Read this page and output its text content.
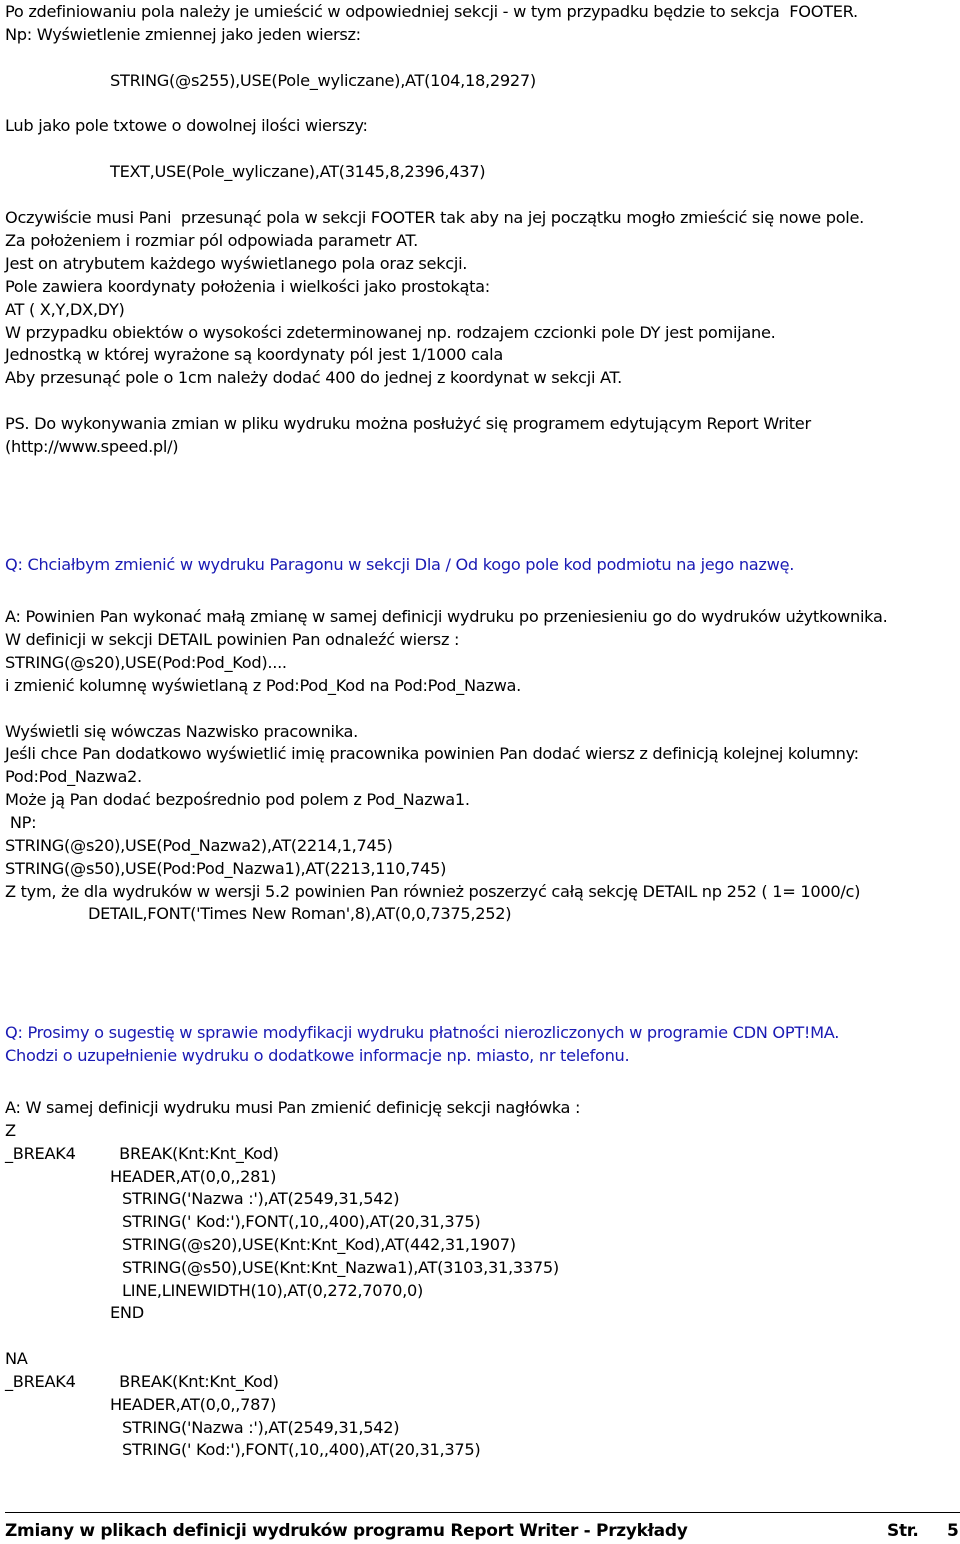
Po zdefiniowaniu pola należy je umieścić w odpowiedniej sekcji - w tym przypadku będzie to sekcja  FOOTER.
Np: Wyświetlenie zmiennej jako jeden wiersz:
STRING(@s255),USE(Pole_wyliczane),AT(104,18,2927)
Lub jako pole txtowe o dowolnej ilości wierszy:
TEXT,USE(Pole_wyliczane),AT(3145,8,2396,437)
Oczywiście musi Pani  przesunąć pola w sekcji FOOTER tak aby na jej początku mogło zmieścić się nowe pole.
Za położeniem i rozmiar pól odpowiada parametr AT.
Jest on atrybutem każdego wyświetlanego pola oraz sekcji.
Pole zawiera koordynaty położenia i wielkości jako prostokąta:
AT ( X,Y,DX,DY)
W przypadku obiektów o wysokości zdeterminowanej np. rodzajem czcionki pole DY jest pomijane.
Jednostką w której wyrażone są koordynaty pól jest 1/1000 cala
Aby przesunąć pole o 1cm należy dodać 400 do jednej z koordynat w sekcji AT.
PS. Do wykonywania zmian w pliku wydruku można posłużyć się programem edytującym Report Writer
(http://www.speed.pl/)
Q: Chciałbym zmienić w wydruku Paragonu w sekcji Dla / Od kogo pole kod podmiotu na jego nazwę.
A: Powinien Pan wykonać małą zmianę w samej definicji wydruku po przeniesieniu go do wydruków użytkownika.
W definicji w sekcji DETAIL powinien Pan odnaleźć wiersz :
STRING(@s20),USE(Pod:Pod_Kod)....
i zmienić kolumnę wyświetlaną z Pod:Pod_Kod na Pod:Pod_Nazwa.
Wyświetli się wówczas Nazwisko pracownika.
Jeśli chce Pan dodatkowo wyświetlić imię pracownika powinien Pan dodać wiersz z definicją kolejnej kolumny:
Pod:Pod_Nazwa2.
Może ją Pan dodać bezpośrednio pod polem z Pod_Nazwa1.
NP:
STRING(@s20),USE(Pod_Nazwa2),AT(2214,1,745)
STRING(@s50),USE(Pod:Pod_Nazwa1),AT(2213,110,745)
Z tym, że dla wydruków w wersji 5.2 powinien Pan również poszerzyć całą sekcję DETAIL np 252 ( 1= 1000/c)
DETAIL,FONT('Times New Roman',8),AT(0,0,7375,252)
Q: Prosimy o sugestię w sprawie modyfikacji wydruku płatności nierozliczonych w programie CDN OPT!MA.
Chodzi o uzupełnienie wydruku o dodatkowe informacje np. miasto, nr telefonu.
A: W samej definicji wydruku musi Pan zmienić definicję sekcji nagłówka :
Z
_BREAK4         BREAK(Knt:Knt_Kod)
HEADER,AT(0,0,,281)
STRING('Nazwa :'),AT(2549,31,542)
STRING(' Kod:'),FONT(,10,,400),AT(20,31,375)
STRING(@s20),USE(Knt:Knt_Kod),AT(442,31,1907)
STRING(@s50),USE(Knt:Knt_Nazwa1),AT(3103,31,3375)
LINE,LINEWIDTH(10),AT(0,272,7070,0)
END
NA
_BREAK4         BREAK(Knt:Knt_Kod)
HEADER,AT(0,0,,787)
STRING('Nazwa :'),AT(2549,31,542)
STRING(' Kod:'),FONT(,10,,400),AT(20,31,375)
Zmiany w plikach definicji wydruków programu Report Writer - Przykłady	Str. 5
